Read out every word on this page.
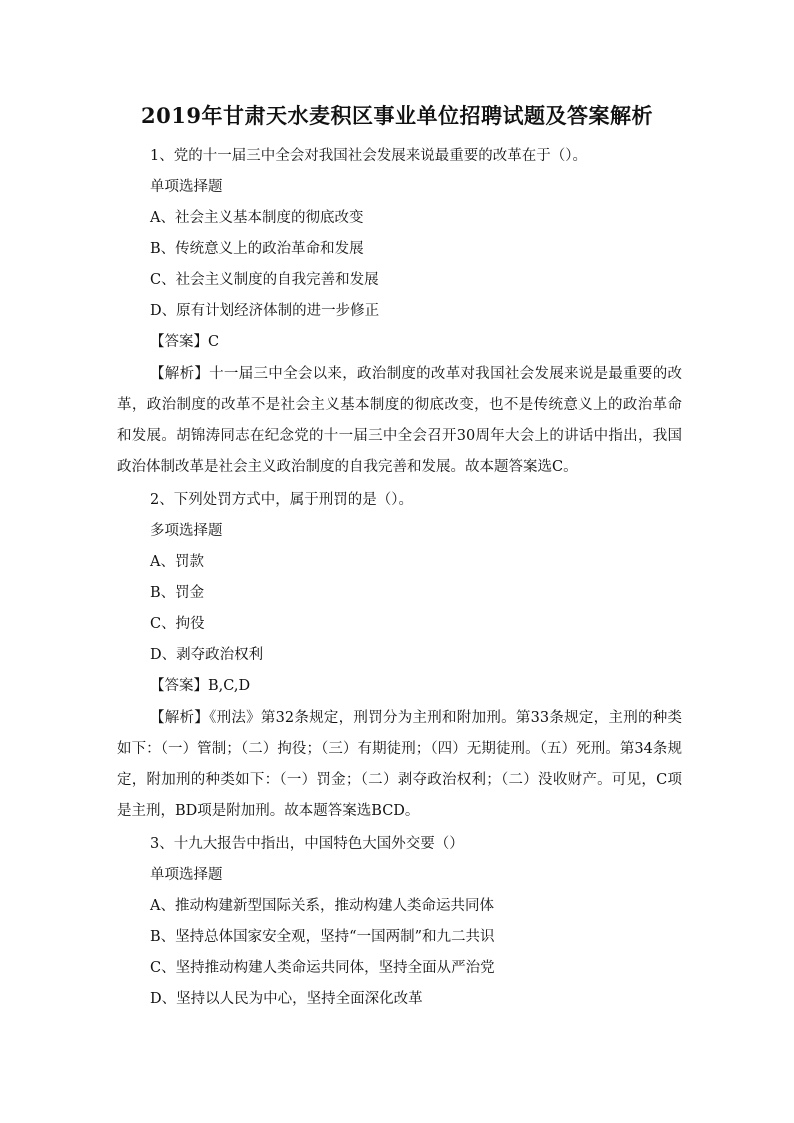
2019年甘肃天水麦积区事业单位招聘试题及答案解析
1、党的十一届三中全会对我国社会发展来说最重要的改革在于（）。
单项选择题
A、社会主义基本制度的彻底改变
B、传统意义上的政治革命和发展
C、社会主义制度的自我完善和发展
D、原有计划经济体制的进一步修正
【答案】C

【解析】十一届三中全会以来，政治制度的改革对我国社会发展来说是最重要的改革，政治制度的改革不是社会主义基本制度的彻底改变，也不是传统意义上的政治革命和发展。胡锦涛同志在纪念党的十一届三中全会召开30周年大会上的讲话中指出，我国政治体制改革是社会主义政治制度的自我完善和发展。故本题答案选C。

2、下列处罚方式中，属于刑罚的是（）。
多项选择题
A、罚款
B、罚金
C、拘役
D、剥夺政治权利
【答案】B,C,D

【解析】《刑法》第32条规定，刑罚分为主刑和附加刑。第33条规定，主刑的种类如下：（一）管制；（二）拘役；（三）有期徒刑；（四）无期徒刑。（五）死刑。第34条规定，附加刑的种类如下：（一）罚金；（二）剥夺政治权利；（二）没收财产。可见，C项是主刑，BD项是附加刑。故本题答案选BCD。

3、十九大报告中指出，中国特色大国外交要（）
单项选择题
A、推动构建新型国际关系，推动构建人类命运共同体
B、坚持总体国家安全观，坚持“一国两制”和九二共识
C、坚持推动构建人类命运共同体，坚持全面从严治党
D、坚持以人民为中心，坚持全面深化改革
